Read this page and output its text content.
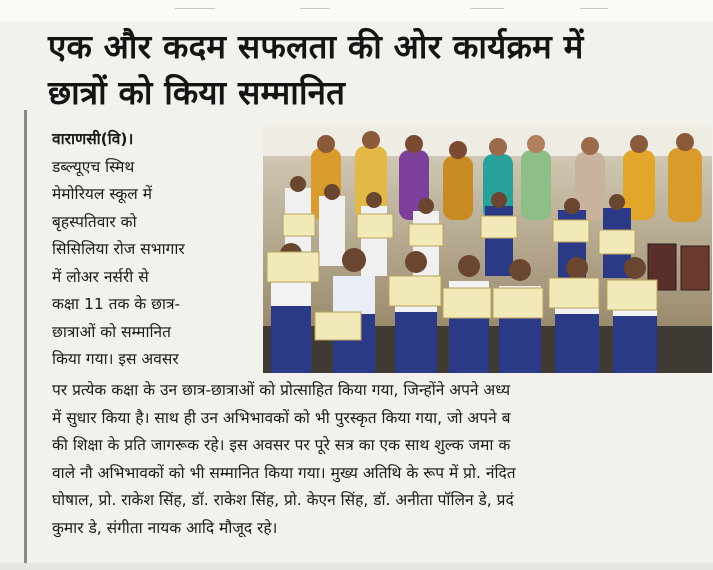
एक और कदम सफलता की ओर कार्यक्रम में
छात्रों को किया सम्मानित
वाराणसी(वि)।
डब्ल्यूएच स्मिथ
मेमोरियल स्कूल में
बृहस्पतिवार को
सिसिलिया रोज सभागार
में लोअर नर्सरी से
कक्षा 11 तक के छात्र-
छात्राओं को सम्मानित
किया गया। इस अवसर
पर प्रत्येक कक्षा के उन छात्र-छात्राओं को प्रोत्साहित किया गया, जिन्होंने अपने अध्य
में सुधार किया है। साथ ही उन अभिभावकों को भी पुरस्कृत किया गया, जो अपने ब
की शिक्षा के प्रति जागरूक रहे। इस अवसर पर पूरे सत्र का एक साथ शुल्क जमा क
वाले नौ अभिभावकों को भी सम्मानित किया गया। मुख्य अतिथि के रूप में प्रो. नंदित
घोषाल, प्रो. राकेश सिंह, डॉ. राकेश सिंह, प्रो. केएन सिंह, डॉ. अनीता पॉलिन डे, प्रदं
कुमार डे, संगीता नायक आदि मौजूद रहे।
